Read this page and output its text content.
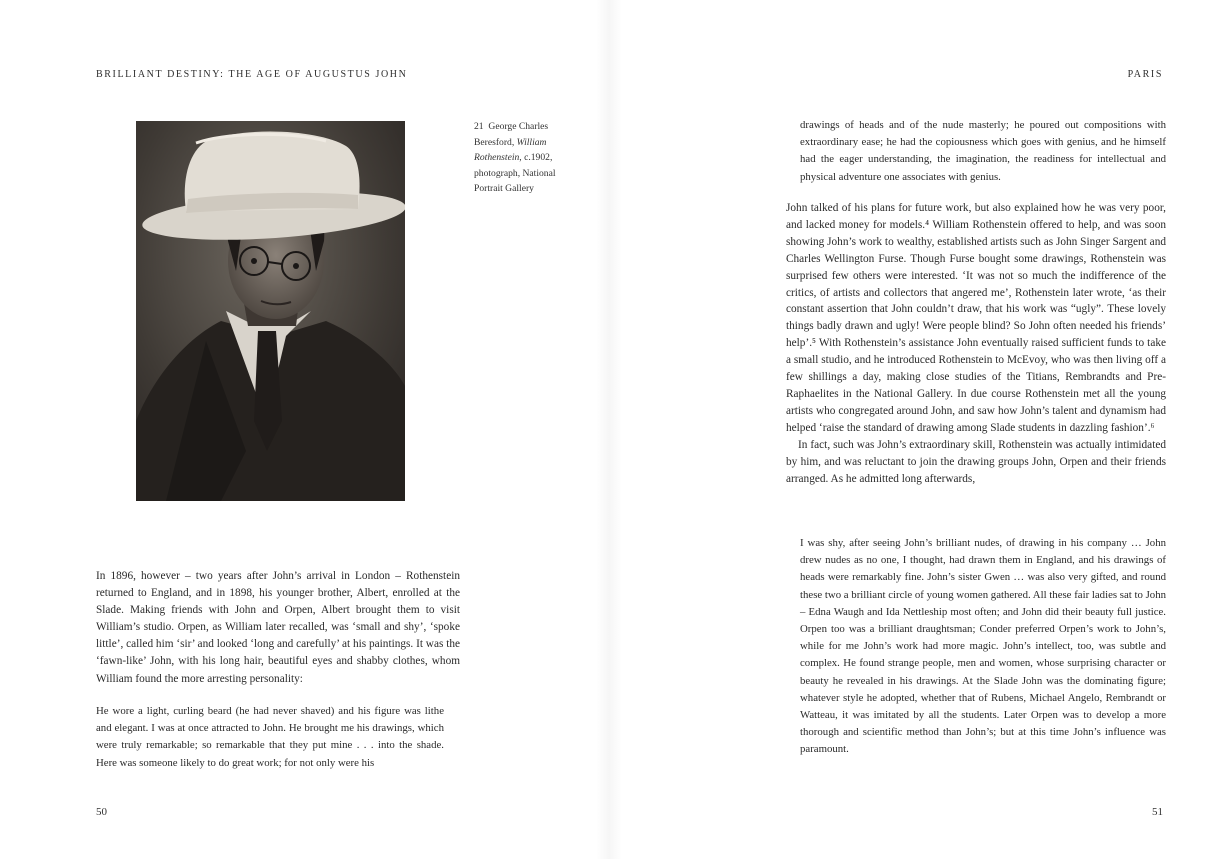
BRILLIANT DESTINY: THE AGE OF AUGUSTUS JOHN
21 George Charles Beresford, William Rothenstein, c.1902, photograph, National Portrait Gallery

In 1896, however – two years after John’s arrival in London – Rothenstein returned to England, and in 1898, his younger brother, Albert, enrolled at the Slade. Making friends with John and Orpen, Albert brought them to visit William’s studio. Orpen, as William later recalled, was ‘small and shy’, ‘spoke little’, called him ‘sir’ and looked ‘long and carefully’ at his paintings. It was the ‘fawn-like’ John, with his long hair, beautiful eyes and shabby clothes, whom William found the more arresting personality:

He wore a light, curling beard (he had never shaved) and his figure was lithe and elegant. I was at once attracted to John. He brought me his drawings, which were truly remarkable; so remarkable that they put mine . . . into the shade. Here was someone likely to do great work; for not only were his
50
PARIS
drawings of heads and of the nude masterly; he poured out compositions with extraordinary ease; he had the copiousness which goes with genius, and he himself had the eager understanding, the imagination, the readiness for intellectual and physical adventure one associates with genius.

John talked of his plans for future work, but also explained how he was very poor, and lacked money for models.⁴ William Rothenstein offered to help, and was soon showing John’s work to wealthy, established artists such as John Singer Sargent and Charles Wellington Furse. Though Furse bought some drawings, Rothenstein was surprised few others were interested. ‘It was not so much the indifference of the critics, of artists and collectors that angered me’, Rothenstein later wrote, ‘as their constant assertion that John couldn’t draw, that his work was “ugly”. These lovely things badly drawn and ugly! Were people blind? So John often needed his friends’ help’.⁵ With Rothenstein’s assistance John eventually raised sufficient funds to take a small studio, and he introduced Rothenstein to McEvoy, who was then living off a few shillings a day, making close studies of the Titians, Rembrandts and Pre-Raphaelites in the National Gallery. In due course Rothenstein met all the young artists who congregated around John, and saw how John’s talent and dynamism had helped ‘raise the standard of drawing among Slade students in dazzling fashion’.⁶

In fact, such was John’s extraordinary skill, Rothenstein was actually intimidated by him, and was reluctant to join the drawing groups John, Orpen and their friends arranged. As he admitted long afterwards,

I was shy, after seeing John’s brilliant nudes, of drawing in his company … John drew nudes as no one, I thought, had drawn them in England, and his drawings of heads were remarkably fine. John’s sister Gwen … was also very gifted, and round these two a brilliant circle of young women gathered. All these fair ladies sat to John – Edna Waugh and Ida Nettleship most often; and John did their beauty full justice. Orpen too was a brilliant draughtsman; Conder preferred Orpen’s work to John’s, while for me John’s work had more magic. John’s intellect, too, was subtle and complex. He found strange people, men and women, whose surprising character or beauty he revealed in his drawings. At the Slade John was the dominating figure; whatever style he adopted, whether that of Rubens, Michael Angelo, Rembrandt or Watteau, it was imitated by all the students. Later Orpen was to develop a more thorough and scientific method than John’s; but at this time John’s influence was paramount.
51
